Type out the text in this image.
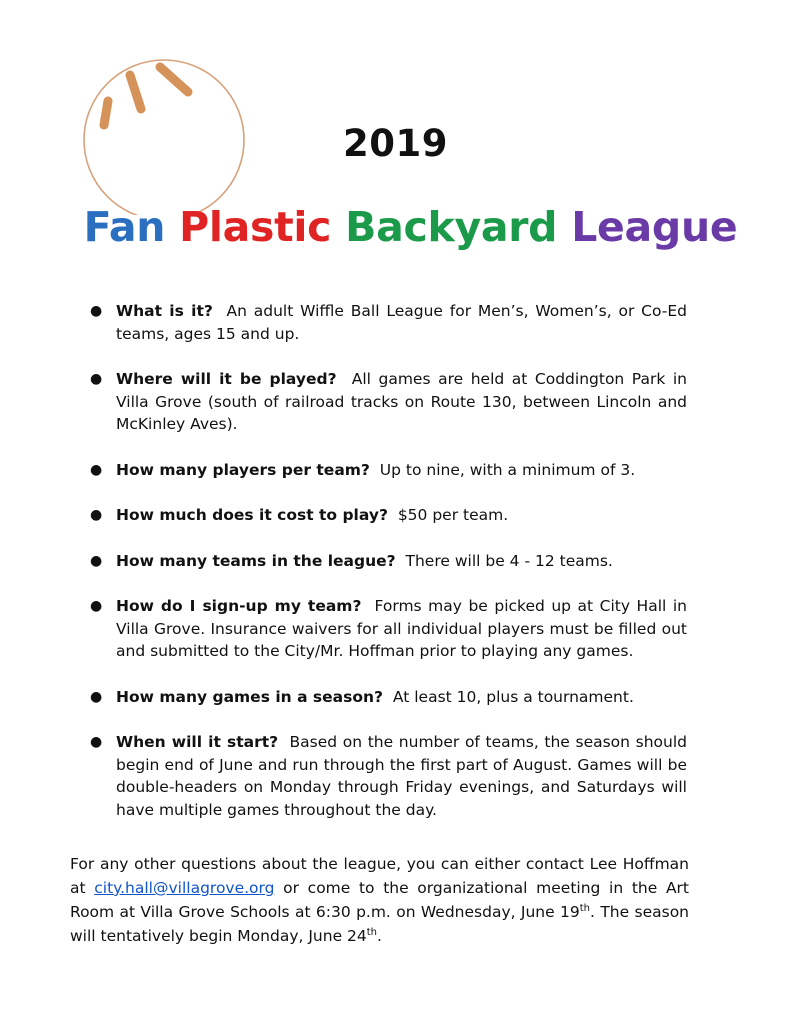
2019
Fan Plastic Backyard League
● What is it? An adult Wiffle Ball League for Men’s, Women’s, or Co-Ed teams, ages 15 and up.
● Where will it be played? All games are held at Coddington Park in Villa Grove (south of railroad tracks on Route 130, between Lincoln and McKinley Aves).
● How many players per team? Up to nine, with a minimum of 3.
● How much does it cost to play? $50 per team.
● How many teams in the league? There will be 4 - 12 teams.
● How do I sign-up my team? Forms may be picked up at City Hall in Villa Grove. Insurance waivers for all individual players must be filled out and submitted to the City/Mr. Hoffman prior to playing any games.
● How many games in a season? At least 10, plus a tournament.
● When will it start? Based on the number of teams, the season should begin end of June and run through the first part of August. Games will be double-headers on Monday through Friday evenings, and Saturdays will have multiple games throughout the day.
For any other questions about the league, you can either contact Lee Hoffman at city.hall@villagrove.org or come to the organizational meeting in the Art Room at Villa Grove Schools at 6:30 p.m. on Wednesday, June 19th. The season will tentatively begin Monday, June 24th.
